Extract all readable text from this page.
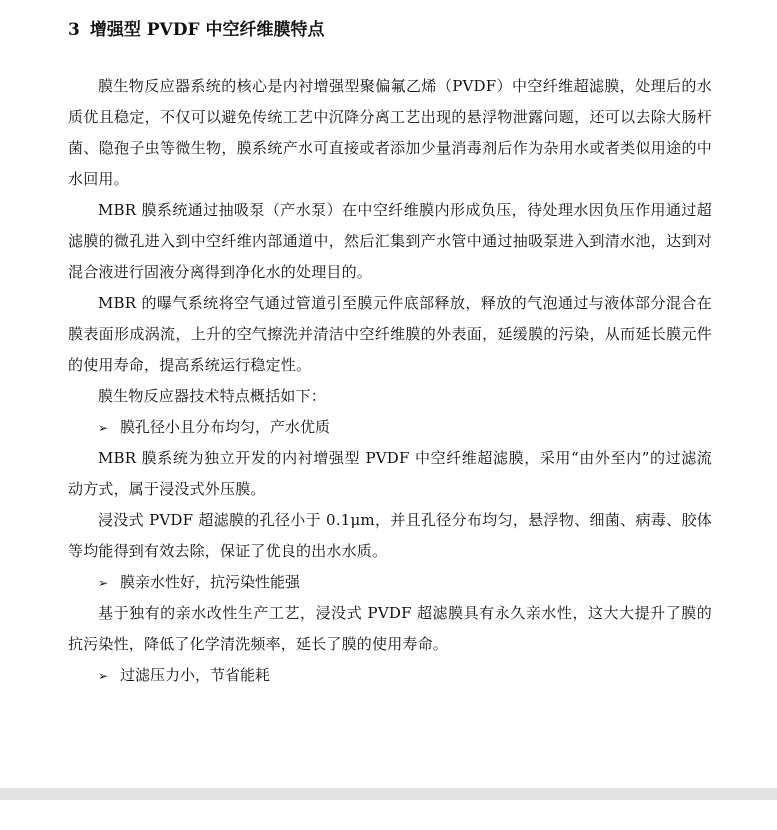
3 增强型 PVDF 中空纤维膜特点

膜生物反应器系统的核心是内衬增强型聚偏氟乙烯（PVDF）中空纤维超滤膜，处理后的水质优且稳定，不仅可以避免传统工艺中沉降分离工艺出现的悬浮物泄露问题，还可以去除大肠杆菌、隐孢子虫等微生物，膜系统产水可直接或者添加少量消毒剂后作为杂用水或者类似用途的中水回用。

MBR 膜系统通过抽吸泵（产水泵）在中空纤维膜内形成负压，待处理水因负压作用通过超滤膜的微孔进入到中空纤维内部通道中，然后汇集到产水管中通过抽吸泵进入到清水池，达到对混合液进行固液分离得到净化水的处理目的。

MBR 的曝气系统将空气通过管道引至膜元件底部释放，释放的气泡通过与液体部分混合在膜表面形成涡流，上升的空气擦洗并清洁中空纤维膜的外表面，延缓膜的污染，从而延长膜元件的使用寿命，提高系统运行稳定性。

膜生物反应器技术特点概括如下：

➢ 膜孔径小且分布均匀，产水优质

MBR 膜系统为独立开发的内衬增强型 PVDF 中空纤维超滤膜，采用“由外至内”的过滤流动方式，属于浸没式外压膜。

浸没式 PVDF 超滤膜的孔径小于 0.1μm，并且孔径分布均匀，悬浮物、细菌、病毒、胶体等均能得到有效去除，保证了优良的出水水质。

➢ 膜亲水性好，抗污染性能强

基于独有的亲水改性生产工艺，浸没式 PVDF 超滤膜具有永久亲水性，这大大提升了膜的抗污染性，降低了化学清洗频率，延长了膜的使用寿命。

➢ 过滤压力小，节省能耗
